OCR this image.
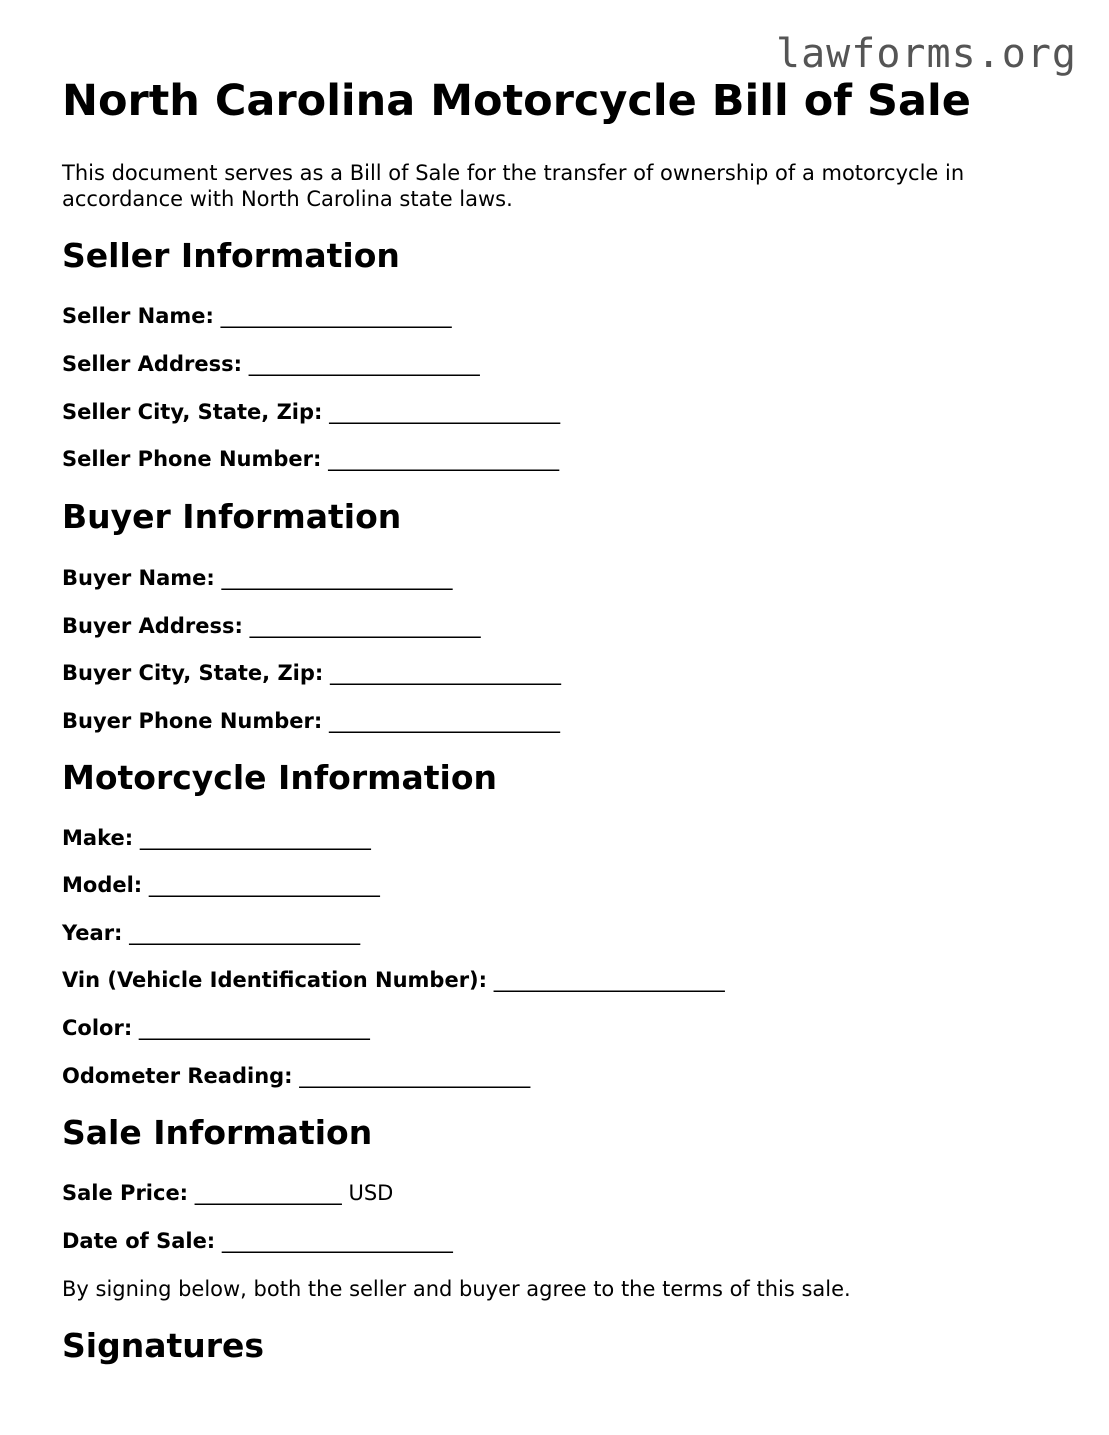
lawforms.org
North Carolina Motorcycle Bill of Sale

This document serves as a Bill of Sale for the transfer of ownership of a motorcycle in accordance with North Carolina state laws.

Seller Information
Seller Name: ______________________
Seller Address: ______________________
Seller City, State, Zip: ______________________
Seller Phone Number: ______________________
Buyer Information
Buyer Name: ______________________
Buyer Address: ______________________
Buyer City, State, Zip: ______________________
Buyer Phone Number: ______________________
Motorcycle Information
Make: ______________________
Model: ______________________
Year: ______________________
Vin (Vehicle Identification Number): ______________________
Color: ______________________
Odometer Reading: ______________________
Sale Information
Sale Price: ______________ USD
Date of Sale: ______________________

By signing below, both the seller and buyer agree to the terms of this sale.

Signatures
